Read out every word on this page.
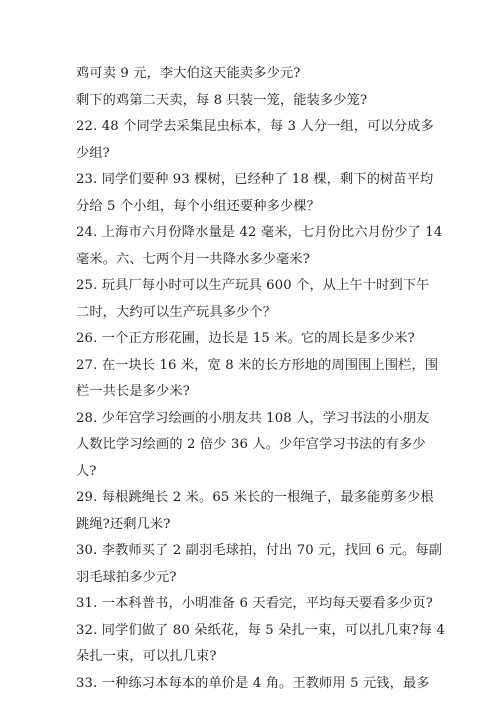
鸡可卖 9 元，李大伯这天能卖多少元?
剩下的鸡第二天卖，每 8 只装一笼，能装多少笼?
22. 48 个同学去采集昆虫标本，每 3 人分一组，可以分成多
少组?
23. 同学们要种 93 棵树，已经种了 18 棵，剩下的树苗平均
分给 5 个小组，每个小组还要种多少棵？
24. 上海市六月份降水量是 42 毫米，七月份比六月份少了 14
毫米。六、七两个月一共降水多少毫米?
25. 玩具厂每小时可以生产玩具 600 个，从上午十时到下午
二时，大约可以生产玩具多少个？
26. 一个正方形花圃，边长是 15 米。它的周长是多少米?
27. 在一块长 16 米，宽 8 米的长方形地的周围围上围栏，围
栏一共长是多少米?
28. 少年宫学习绘画的小朋友共 108 人，学习书法的小朋友
人数比学习绘画的 2 倍少 36 人。少年宫学习书法的有多少
人?
29. 每根跳绳长 2 米。65 米长的一根绳子，最多能剪多少根
跳绳?还剩几米?
30. 李教师买了 2 副羽毛球拍，付出 70 元，找回 6 元。每副
羽毛球拍多少元?
31. 一本科普书，小明准备 6 天看完，平均每天要看多少页?
32. 同学们做了 80 朵纸花，每 5 朵扎一束，可以扎几束?每 4
朵扎一束，可以扎几束?
33. 一种练习本每本的单价是 4 角。王教师用 5 元钱，最多
